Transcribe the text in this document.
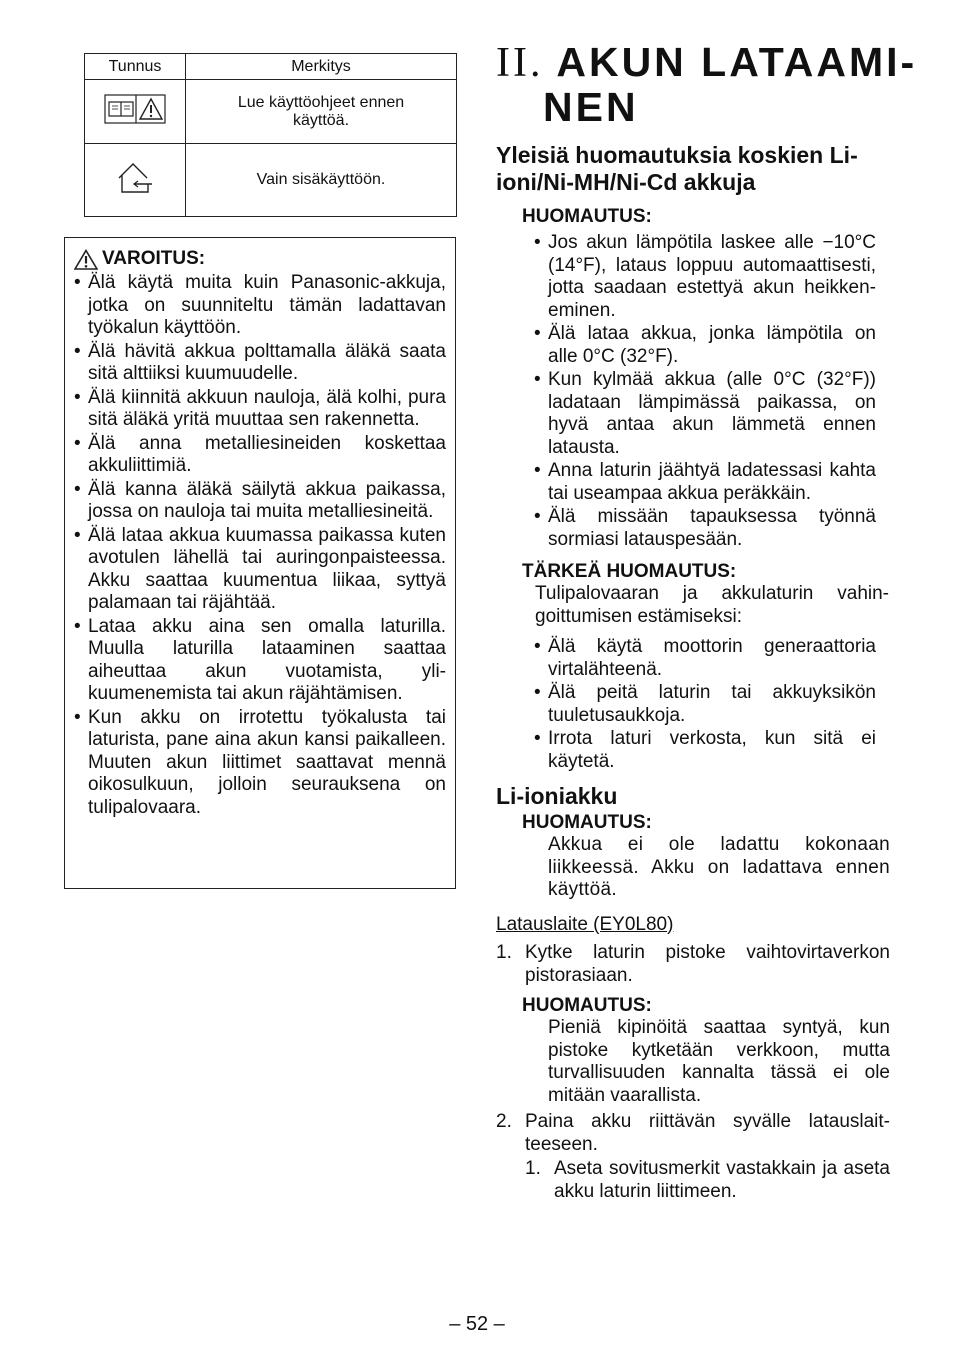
Tunnus	Merkitys
	Lue käyttöohjeet ennen käyttöä.
	Vain sisäkäyttöön.
VAROITUS:
• Älä käytä muita kuin Panasonic-akkuja, jotka on suunniteltu tämän ladattavan työkalun käyttöön.
• Älä hävitä akkua polttamalla äläkä saata sitä alttiiksi kuumuudelle.
• Älä kiinnitä akkuun nauloja, älä kolhi, pura sitä äläkä yritä muuttaa sen rakennetta.
• Älä anna metalliesineiden koskettaa akkuliittimiä.
• Älä kanna äläkä säilytä akkua paikassa, jossa on nauloja tai muita metalliesineitä.
• Älä lataa akkua kuumassa paikassa kuten avotulen lähellä tai auringonpaisteessa. Akku saattaa kuumentua liikaa, syttyä palamaan tai räjähtää.
• Lataa akku aina sen omalla laturilla. Muulla laturilla lataaminen saattaa aiheuttaa akun vuotamista, ylikuumenemista tai akun räjähtämisen.
• Kun akku on irrotettu työkalusta tai laturista, pane aina akun kansi paikalleen. Muuten akun liittimet saattavat mennä oikosulkuun, jolloin seurauksena on tulipalovaara.
II. AKUN LATAAMI-
NEN
Yleisiä huomautuksia koskien Li-ioni/Ni-MH/Ni-Cd akkuja
HUOMAUTUS:
• Jos akun lämpötila laskee alle −10°C (14°F), lataus loppuu automaattisesti, jotta saadaan estettyä akun heikkeneminen.
• Älä lataa akkua, jonka lämpötila on alle 0°C (32°F).
• Kun kylmää akkua (alle 0°C (32°F)) ladataan lämpimässä paikassa, on hyvä antaa akun lämmetä ennen latausta.
• Anna laturin jäähtyä ladatessasi kahta tai useampaa akkua peräkkäin.
• Älä missään tapauksessa työnnä sormiasi latauspesään.
TÄRKEÄ HUOMAUTUS:
Tulipalovaaran ja akkulaturin vahingoittumisen estämiseksi:
• Älä käytä moottorin generaattoria virtalähteenä.
• Älä peitä laturin tai akkuyksikön tuuletusaukkoja.
• Irrota laturi verkosta, kun sitä ei käytetä.
Li-ioniakku
HUOMAUTUS:
Akkua ei ole ladattu kokonaan liikkeessä. Akku on ladattava ennen käyttöä.
Latauslaite (EY0L80)
1. Kytke laturin pistoke vaihtovirtaverkon pistorasiaan.
HUOMAUTUS:
Pieniä kipinöitä saattaa syntyä, kun pistoke kytketään verkkoon, mutta turvallisuuden kannalta tässä ei ole mitään vaarallista.
2. Paina akku riittävän syvälle latauslaitteeseen.
1. Aseta sovitusmerkit vastakkain ja aseta akku laturin liittimeen.
– 52 –
